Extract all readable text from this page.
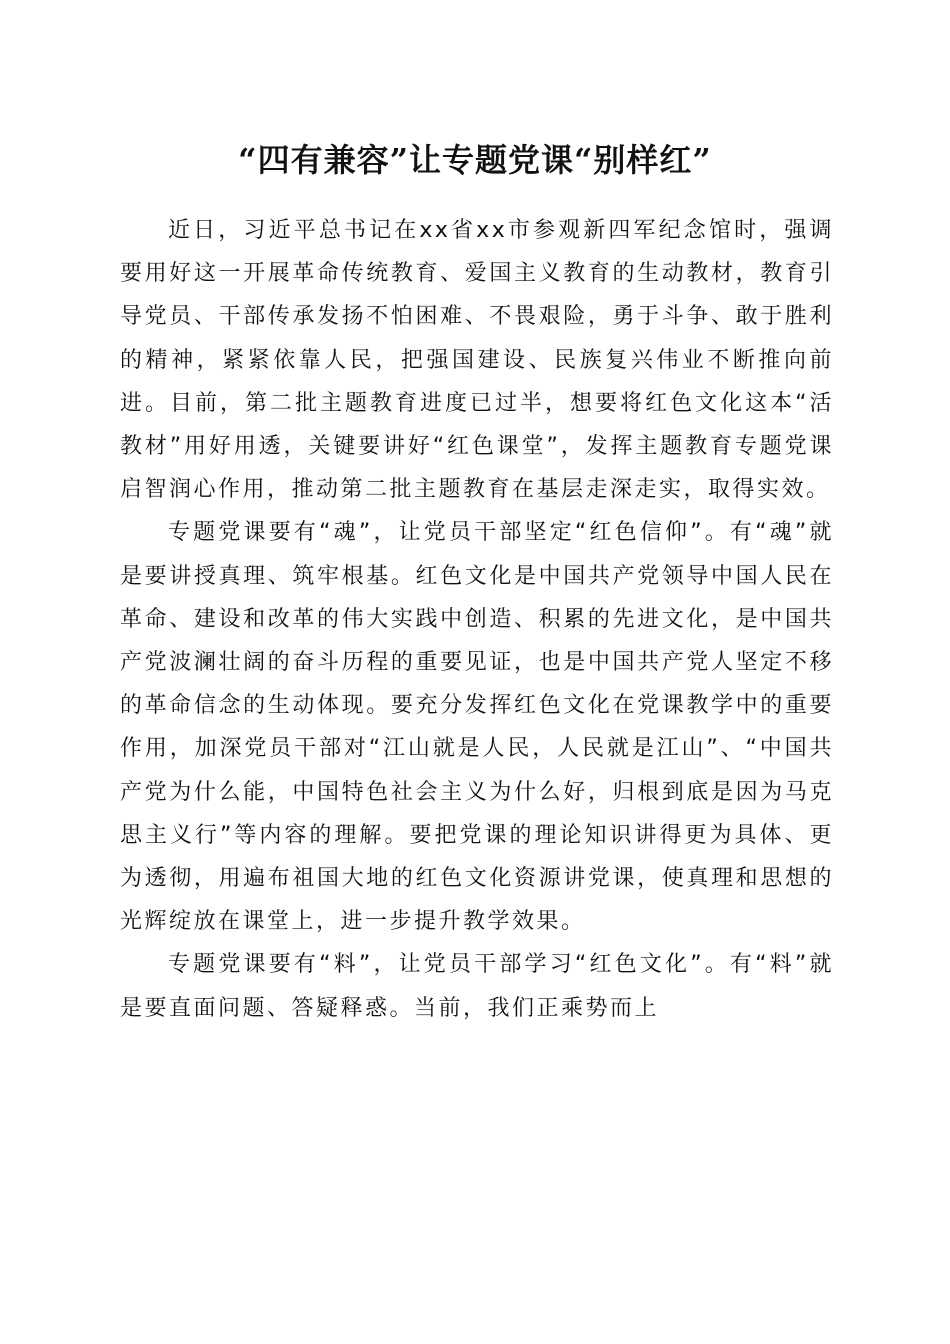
“四有兼容”让专题党课“别样红”

近日，习近平总书记在xx省xx市参观新四军纪念馆时，强调要用好这一开展革命传统教育、爱国主义教育的生动教材，教育引导党员、干部传承发扬不怕困难、不畏艰险，勇于斗争、敢于胜利的精神，紧紧依靠人民，把强国建设、民族复兴伟业不断推向前进。目前，第二批主题教育进度已过半，想要将红色文化这本“活教材”用好用透，关键要讲好“红色课堂”，发挥主题教育专题党课启智润心作用，推动第二批主题教育在基层走深走实，取得实效。

专题党课要有“魂”，让党员干部坚定“红色信仰”。有“魂”就是要讲授真理、筑牢根基。红色文化是中国共产党领导中国人民在革命、建设和改革的伟大实践中创造、积累的先进文化，是中国共产党波澜壮阔的奋斗历程的重要见证，也是中国共产党人坚定不移的革命信念的生动体现。要充分发挥红色文化在党课教学中的重要作用，加深党员干部对“江山就是人民，人民就是江山”、“中国共产党为什么能，中国特色社会主义为什么好，归根到底是因为马克思主义行”等内容的理解。要把党课的理论知识讲得更为具体、更为透彻，用遍布祖国大地的红色文化资源讲党课，使真理和思想的光辉绽放在课堂上，进一步提升教学效果。

专题党课要有“料”，让党员干部学习“红色文化”。有“料”就是要直面问题、答疑释惑。当前，我们正乘势而上
